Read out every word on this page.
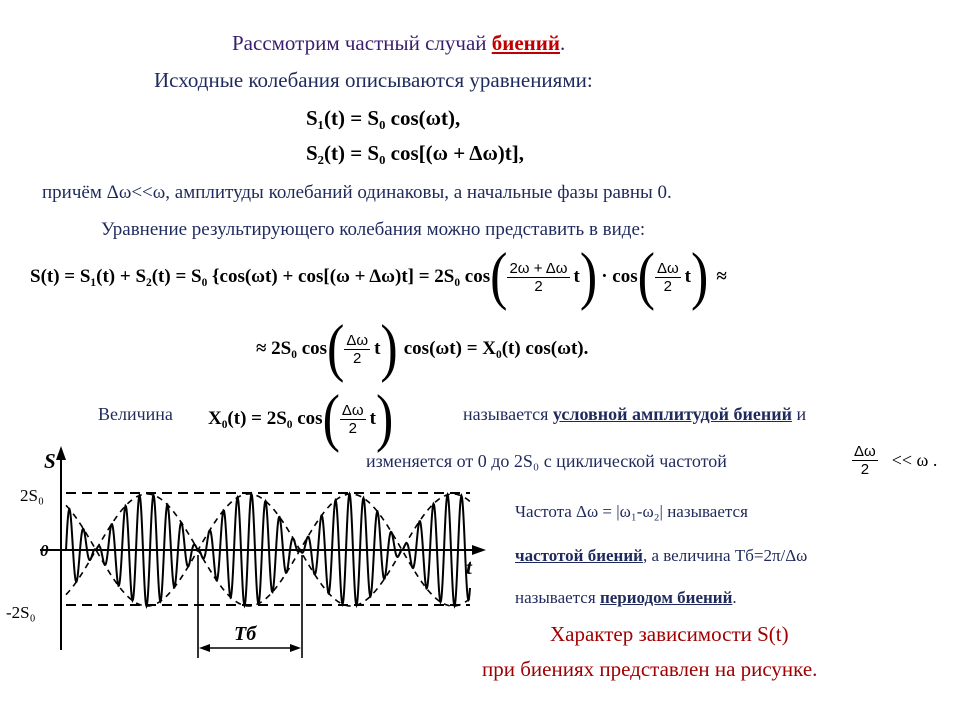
Рассмотрим частный случай биений.
Исходные колебания описываются уравнениями:
S₁(t) = S₀ cos(ωt),
S₂(t) = S₀ cos[(ω + Δω)t],
причём Δω<<ω, амплитуды колебаний одинаковы, а начальные фазы равны 0.
Уравнение результирующего колебания можно представить в виде:
S(t) = S₁(t) + S₂(t) = S₀ {cos(ωt) + cos[(ω + Δω)t] = 2S₀ cos ( $\frac{2\omega + \Delta\omega}{2}$ t ) · cos ( $\frac{\Delta\omega}{2}$ t ) ≈
≈ 2S₀ cos ( $\frac{\Delta\omega}{2}$ t ) cos(ωt) = X₀(t) cos(ωt).
Величина X₀(t) = 2S₀ cos ( $\frac{\Delta\omega}{2}$ t )	называется условной амплитудой биений и
изменяется от 0 до 2S₀ с циклической частотой	$\frac{\Delta\omega}{2} << \omega$ .
Частота Δω = |ω₁-ω₂| называется
частотой биений, а величина Tб=2π/Δω
называется периодом биений.
Характер зависимости S(t)
при биениях представлен на рисунке.
S
t
2S₀
0
-2S₀
Tб
